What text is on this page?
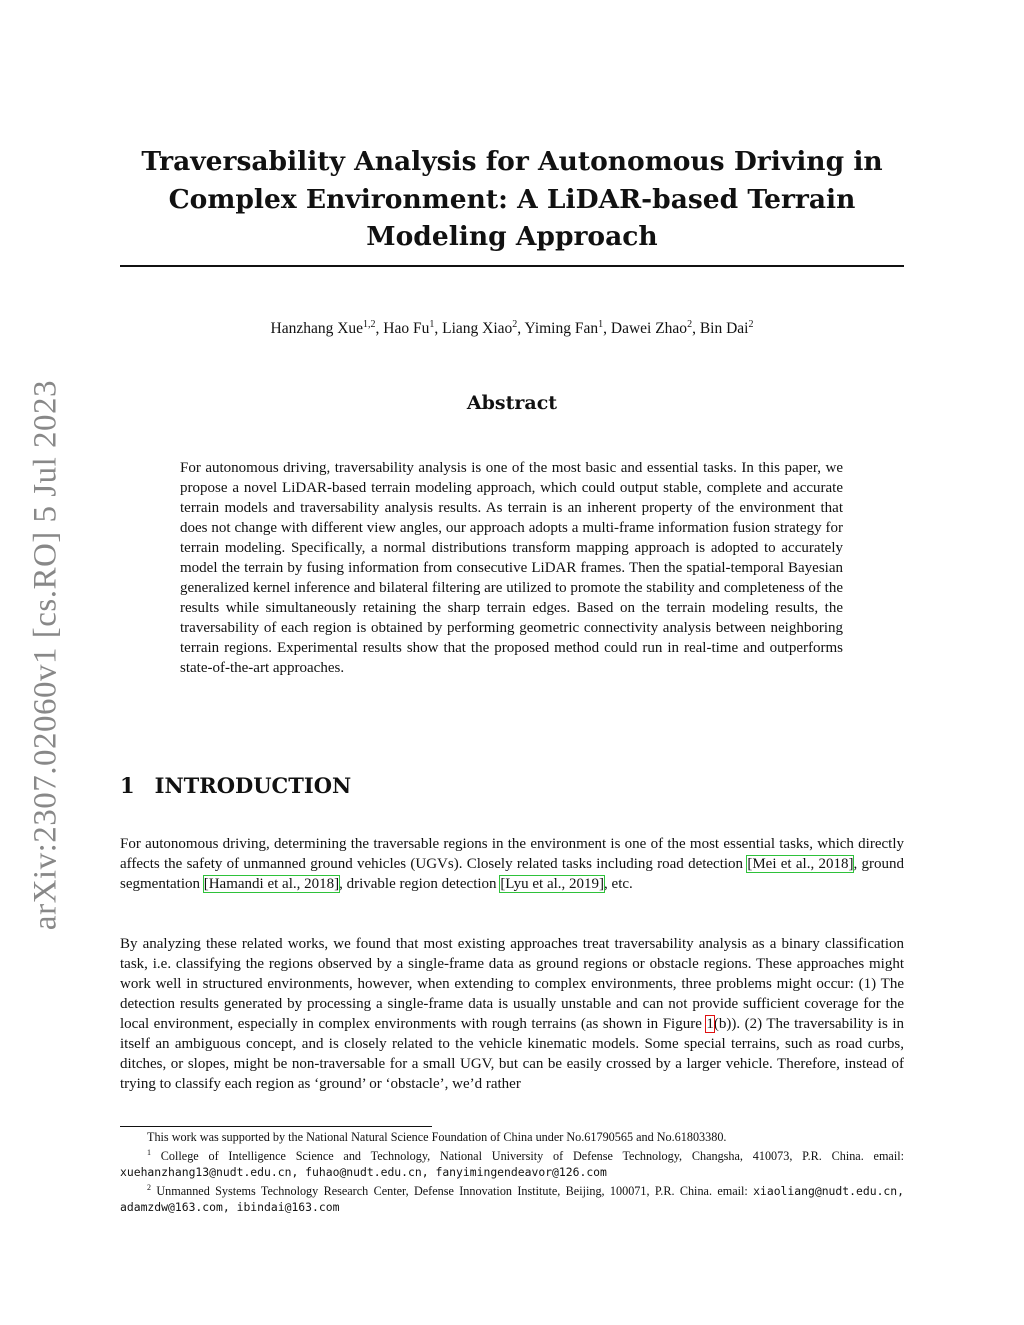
arXiv:2307.02060v1 [cs.RO] 5 Jul 2023
Traversability Analysis for Autonomous Driving in
Complex Environment: A LiDAR-based Terrain
Modeling Approach
Hanzhang Xue$^{1,2}$, Hao Fu$^1$, Liang Xiao$^2$, Yiming Fan$^1$, Dawei Zhao$^2$, Bin Dai$^2$
Abstract

For autonomous driving, traversability analysis is one of the most basic and essential tasks. In this paper, we propose a novel LiDAR-based terrain modeling approach, which could output stable, complete and accurate terrain models and traversability analysis results. As terrain is an inherent property of the environment that does not change with different view angles, our approach adopts a multi-frame information fusion strategy for terrain modeling. Specifically, a normal distributions transform mapping approach is adopted to accurately model the terrain by fusing information from consecutive LiDAR frames. Then the spatial-temporal Bayesian generalized kernel inference and bilateral filtering are utilized to promote the stability and completeness of the results while simultaneously retaining the sharp terrain edges. Based on the terrain modeling results, the traversability of each region is obtained by performing geometric connectivity analysis between neighboring terrain regions. Experimental results show that the proposed method could run in real-time and outperforms state-of-the-art approaches.

1 INTRODUCTION

For autonomous driving, determining the traversable regions in the environment is one of the most essential tasks, which directly affects the safety of unmanned ground vehicles (UGVs). Closely related tasks including road detection [Mei et al., 2018], ground segmentation [Hamandi et al., 2018], drivable region detection [Lyu et al., 2019], etc.

By analyzing these related works, we found that most existing approaches treat traversability analysis as a binary classification task, i.e. classifying the regions observed by a single-frame data as ground regions or obstacle regions. These approaches might work well in structured environments, however, when extending to complex environments, three problems might occur: (1) The detection results generated by processing a single-frame data is usually unstable and can not provide sufficient coverage for the local environment, especially in complex environments with rough terrains (as shown in Figure 1(b)). (2) The traversability is in itself an ambiguous concept, and is closely related to the vehicle kinematic models. Some special terrains, such as road curbs, ditches, or slopes, might be non-traversable for a small UGV, but can be easily crossed by a larger vehicle. Therefore, instead of trying to classify each region as ‘ground’ or ‘obstacle’, we’d rather

This work was supported by the National Natural Science Foundation of China under No.61790565 and No.61803380.

$^1$ College of Intelligence Science and Technology, National University of Defense Technology, Changsha, 410073, P.R. China. email: xuehanzhang13@nudt.edu.cn, fuhao@nudt.edu.cn, fanyimingendeavor@126.com

$^2$ Unmanned Systems Technology Research Center, Defense Innovation Institute, Beijing, 100071, P.R. China. email: xiaoliang@nudt.edu.cn, adamzdw@163.com, ibindai@163.com
